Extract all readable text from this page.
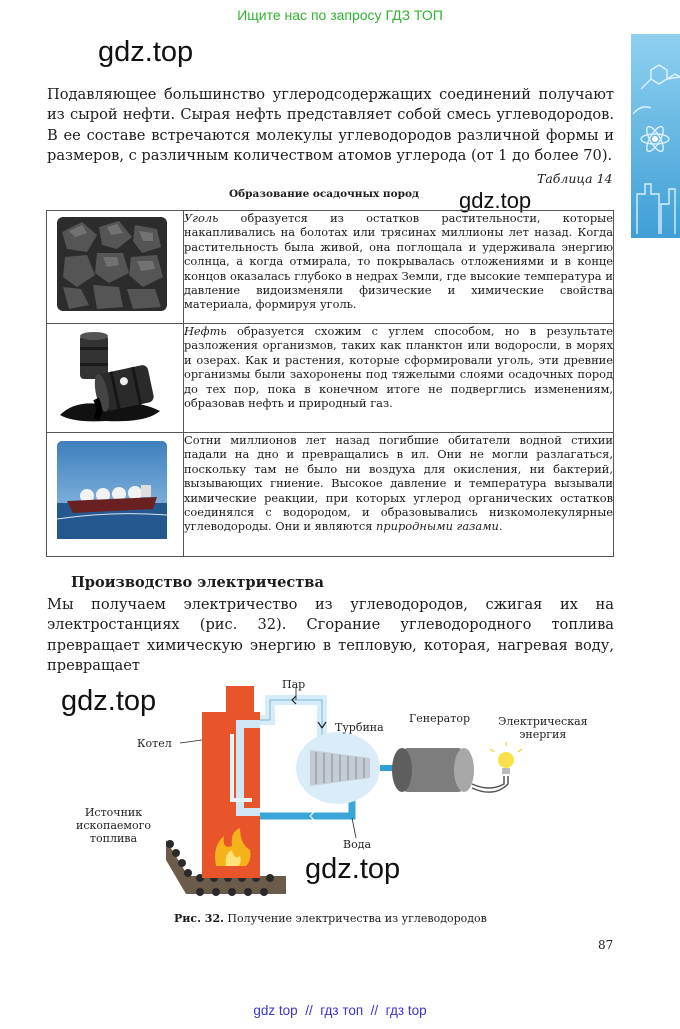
Ищите нас по запросу ГДЗ ТОП
gdz.top

Подавляющее большинство углеродсодержащих соединений получают из сырой нефти. Сырая нефть представляет собой смесь углеводородов. В ее составе встречаются молекулы углеводородов различной формы и размеров, с различным количеством атомов углерода (от 1 до более 70).

Таблица 14
Образование осадочных пород gdz.top
	Уголь образуется из остатков растительности, которые накапливались на болотах или трясинах миллионы лет назад. Когда растительность была живой, она поглощала и удерживала энергию солнца, а когда отмирала, то покрывалась отложениями и в конце концов оказалась глубоко в недрах Земли, где высокие температура и давление видоизменяли физические и химические свойства материала, формируя уголь.
	Нефть образуется схожим с углем способом, но в результате разложения организмов, таких как планктон или водоросли, в морях и озерах. Как и растения, которые сформировали уголь, эти древние организмы были захоронены под тяжелыми слоями осадочных пород до тех пор, пока в конечном итоге не подверглись изменениям, образовав нефть и природный газ.
	Сотни миллионов лет назад погибшие обитатели водной стихии падали на дно и превращались в ил. Они не могли разлагаться, поскольку там не было ни воздуха для окисления, ни бактерий, вызывающих гниение. Высокое давление и температура вызывали химические реакции, при которых углерод органических остатков соединялся с водородом, и образовывались низкомолекулярные углеводороды. Они и являются природными газами.
Производство электричества

Мы получаем электричество из углеводородов, сжигая их на электростанциях (рис. 32). Сгорание углеводородного топлива превращает химическую энергию в тепловую, которая, нагревая воду, превращает

gdz.top
Пар
Турбина
Генератор	Электрическая
энергия
Котел
Источник
ископаемого
топлива	Вода
gdz.top
Рис. 32. Получение электричества из углеводородов
87
gdz top  //  гдз топ  //  гдз top
